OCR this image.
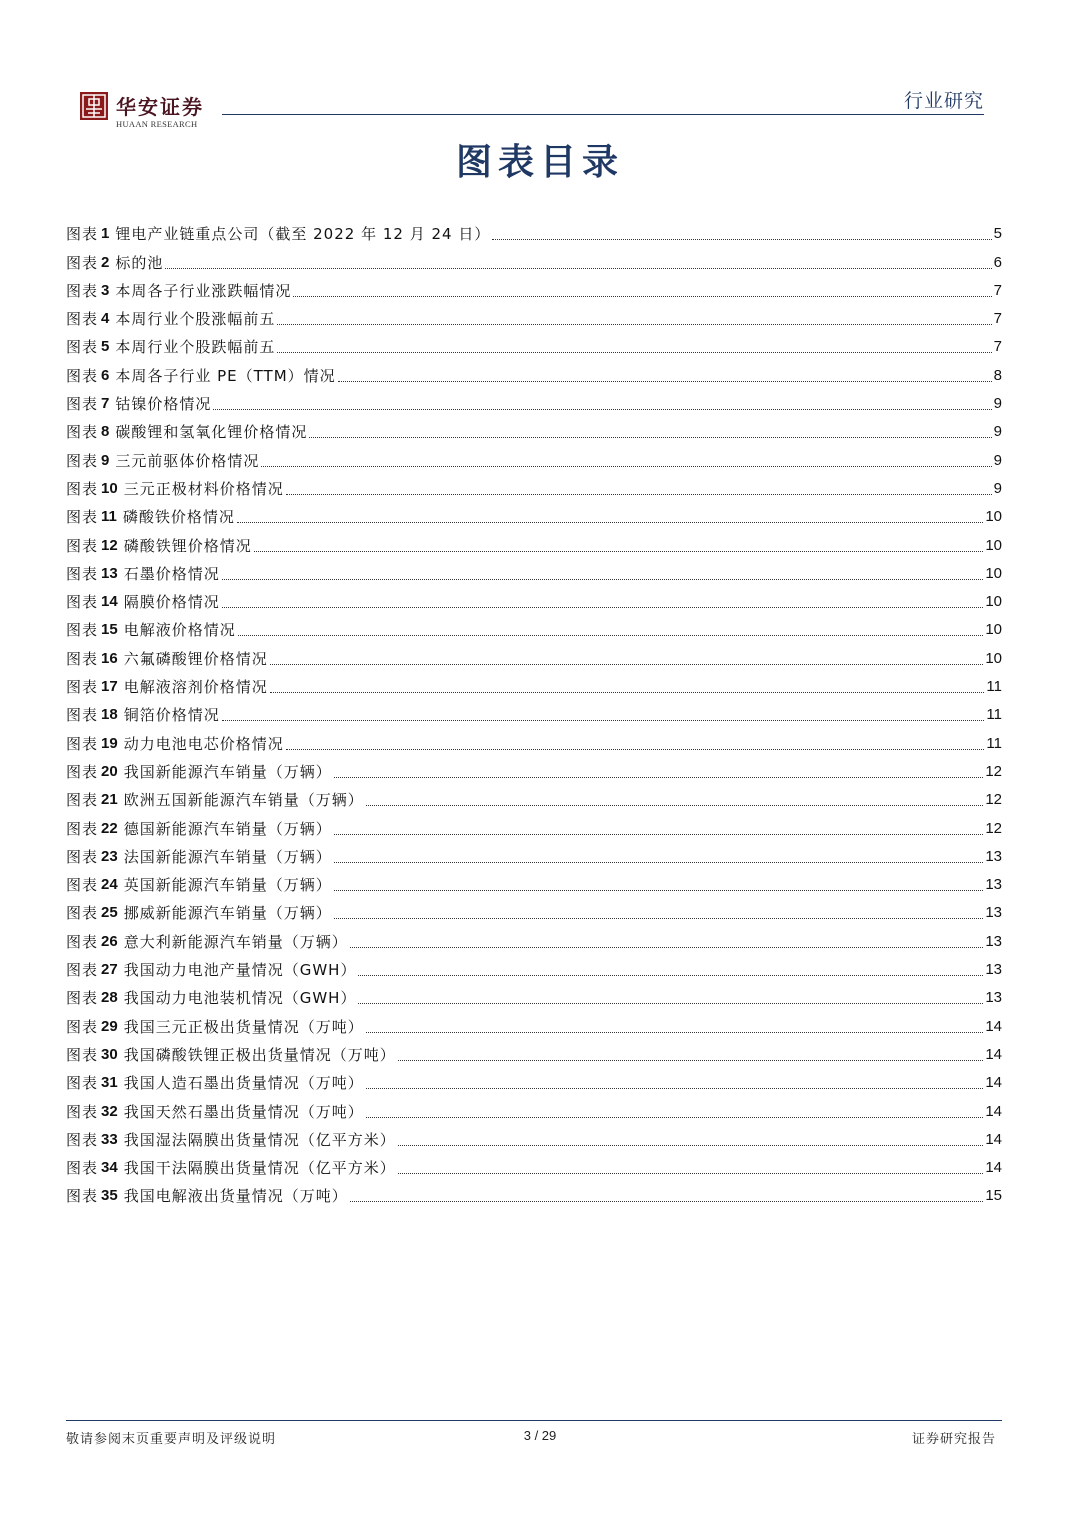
华安证券
HUAAN RESEARCH
行业研究
图表目录
图表 1 锂电产业链重点公司（截至 2022 年 12 月 24 日）	5
图表 2 标的池	6
图表 3 本周各子行业涨跌幅情况	7
图表 4 本周行业个股涨幅前五	7
图表 5 本周行业个股跌幅前五	7
图表 6 本周各子行业 PE（TTM）情况	8
图表 7 钴镍价格情况	9
图表 8 碳酸锂和氢氧化锂价格情况	9
图表 9 三元前驱体价格情况	9
图表 10 三元正极材料价格情况	9
图表 11 磷酸铁价格情况	10
图表 12 磷酸铁锂价格情况	10
图表 13 石墨价格情况	10
图表 14 隔膜价格情况	10
图表 15 电解液价格情况	10
图表 16 六氟磷酸锂价格情况	10
图表 17 电解液溶剂价格情况	11
图表 18 铜箔价格情况	11
图表 19 动力电池电芯价格情况	11
图表 20 我国新能源汽车销量（万辆）	12
图表 21 欧洲五国新能源汽车销量（万辆）	12
图表 22 德国新能源汽车销量（万辆）	12
图表 23 法国新能源汽车销量（万辆）	13
图表 24 英国新能源汽车销量（万辆）	13
图表 25 挪威新能源汽车销量（万辆）	13
图表 26 意大利新能源汽车销量（万辆）	13
图表 27 我国动力电池产量情况（GWH）	13
图表 28 我国动力电池装机情况（GWH）	13
图表 29 我国三元正极出货量情况（万吨）	14
图表 30 我国磷酸铁锂正极出货量情况（万吨）	14
图表 31 我国人造石墨出货量情况（万吨）	14
图表 32 我国天然石墨出货量情况（万吨）	14
图表 33 我国湿法隔膜出货量情况（亿平方米）	14
图表 34 我国干法隔膜出货量情况（亿平方米）	14
图表 35 我国电解液出货量情况（万吨）	15
敬请参阅末页重要声明及评级说明	3 / 29	证券研究报告
